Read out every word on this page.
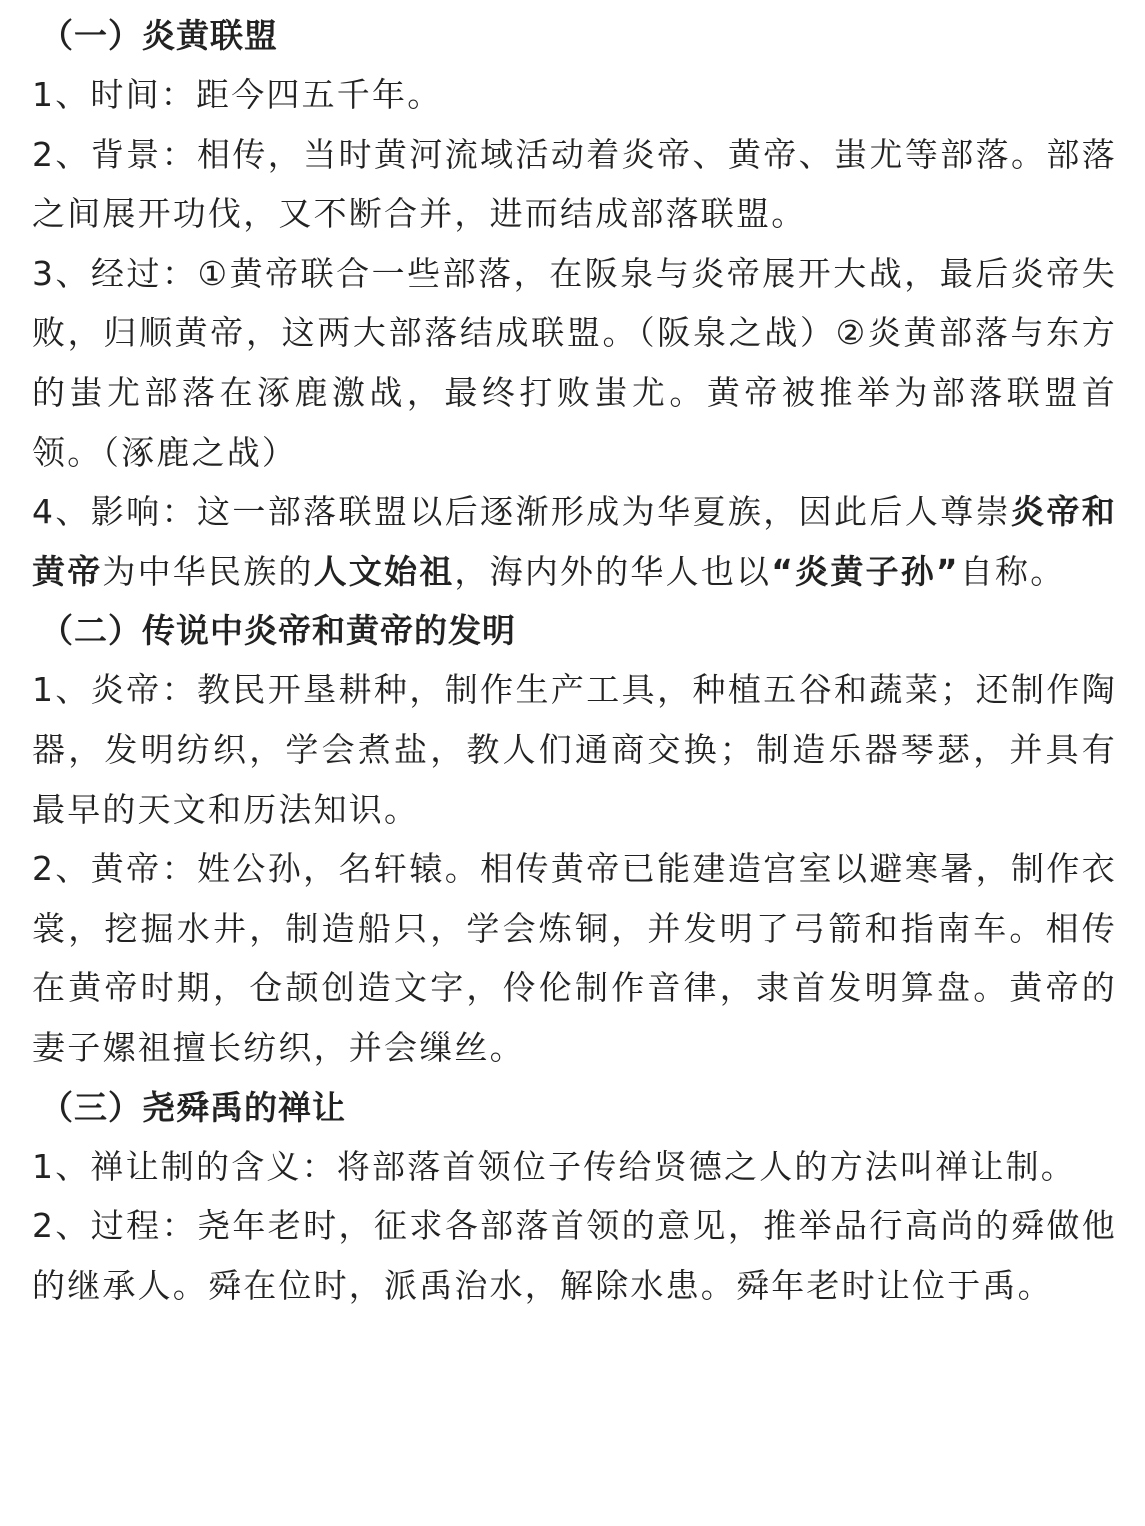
（一）炎黄联盟

1、时间：距今四五千年。

2、背景：相传，当时黄河流域活动着炎帝、黄帝、蚩尤等部落。部落之间展开功伐，又不断合并，进而结成部落联盟。

3、经过：①黄帝联合一些部落，在阪泉与炎帝展开大战，最后炎帝失败，归顺黄帝，这两大部落结成联盟。（阪泉之战）②炎黄部落与东方的蚩尤部落在涿鹿激战，最终打败蚩尤。黄帝被推举为部落联盟首领。（涿鹿之战）

4、影响：这一部落联盟以后逐渐形成为华夏族，因此后人尊崇炎帝和黄帝为中华民族的人文始祖，海内外的华人也以“炎黄子孙”自称。

（二）传说中炎帝和黄帝的发明

1、炎帝：教民开垦耕种，制作生产工具，种植五谷和蔬菜；还制作陶器，发明纺织，学会煮盐，教人们通商交换；制造乐器琴瑟，并具有最早的天文和历法知识。

2、黄帝：姓公孙，名轩辕。相传黄帝已能建造宫室以避寒暑，制作衣裳，挖掘水井，制造船只，学会炼铜，并发明了弓箭和指南车。相传在黄帝时期，仓颉创造文字，伶伦制作音律，隶首发明算盘。黄帝的妻子嫘祖擅长纺织，并会缫丝。

（三）尧舜禹的禅让

1、禅让制的含义：将部落首领位子传给贤德之人的方法叫禅让制。

2、过程：尧年老时，征求各部落首领的意见，推举品行高尚的舜做他的继承人。舜在位时，派禹治水，解除水患。舜年老时让位于禹。
